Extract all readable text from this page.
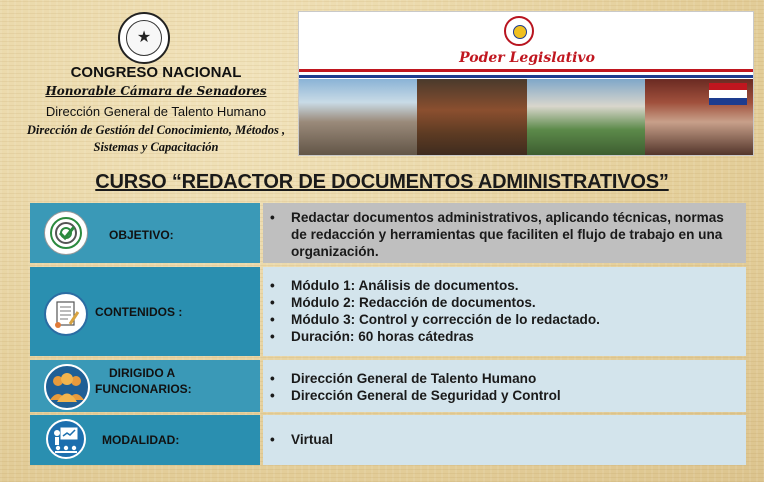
★
CONGRESO NACIONAL
Honorable Cámara de Senadores
Dirección General de Talento Humano
Dirección de Gestión del Conocimiento, Métodos ,
Sistemas y Capacitación
Poder Legislativo
CURSO “REDACTOR DE DOCUMENTOS ADMINISTRATIVOS”
OBJETIVO:
• Redactar documentos administrativos, aplicando técnicas, normas de redacción y herramientas que faciliten el flujo de trabajo en una organización.
CONTENIDOS :
• Módulo 1: Análisis de documentos.
• Módulo 2: Redacción de documentos.
• Módulo 3: Control y corrección de lo redactado.
• Duración: 60 horas cátedras
DIRIGIDO A
FUNCIONARIOS:
• Dirección General de Talento Humano
• Dirección General de Seguridad y Control
MODALIDAD:
•	Virtual
